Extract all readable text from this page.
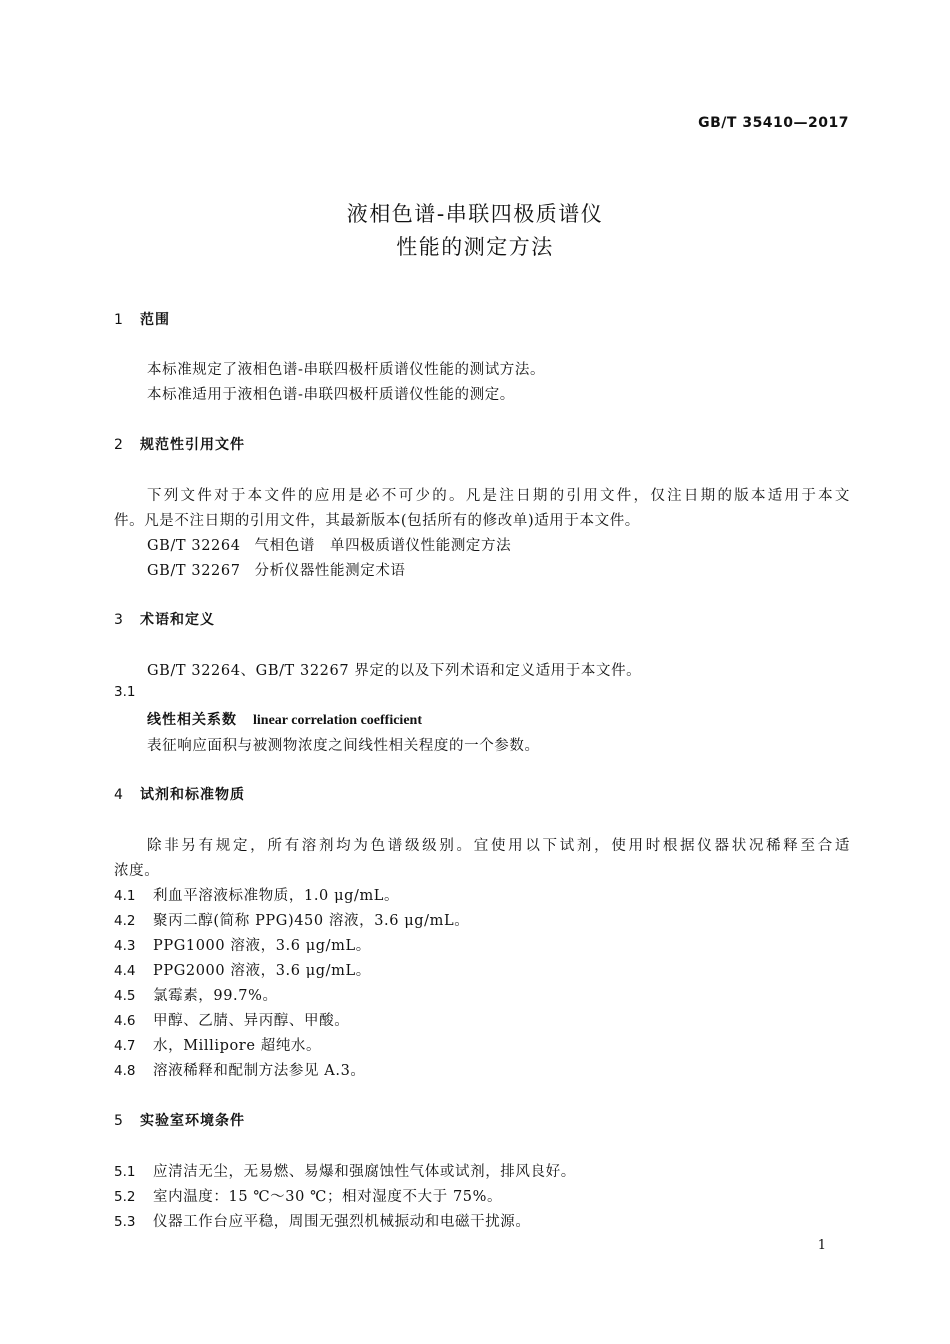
GB/T 35410—2017
液相色谱-串联四极质谱仪
性能的测定方法
1 范围
本标准规定了液相色谱-串联四极杆质谱仪性能的测试方法。
本标准适用于液相色谱-串联四极杆质谱仪性能的测定。
2 规范性引用文件
下列文件对于本文件的应用是必不可少的。凡是注日期的引用文件，仅注日期的版本适用于本文
件。凡是不注日期的引用文件，其最新版本(包括所有的修改单)适用于本文件。
GB/T 32264 气相色谱　单四极质谱仪性能测定方法
GB/T 32267 分析仪器性能测定术语
3 术语和定义
GB/T 32264、GB/T 32267 界定的以及下列术语和定义适用于本文件。
3.1
线性相关系数 linear correlation coefficient
表征响应面积与被测物浓度之间线性相关程度的一个参数。
4 试剂和标准物质
除非另有规定，所有溶剂均为色谱级级别。宜使用以下试剂，使用时根据仪器状况稀释至合适
浓度。
4.1 利血平溶液标准物质，1.0 μg/mL。
4.2 聚丙二醇(简称 PPG)450 溶液，3.6 μg/mL。
4.3 PPG1000 溶液，3.6 μg/mL。
4.4 PPG2000 溶液，3.6 μg/mL。
4.5 氯霉素，99.7%。
4.6 甲醇、乙腈、异丙醇、甲酸。
4.7 水，Millipore 超纯水。
4.8 溶液稀释和配制方法参见 A.3。
5 实验室环境条件
5.1 应清洁无尘，无易燃、易爆和强腐蚀性气体或试剂，排风良好。
5.2 室内温度：15 ℃～30 ℃；相对湿度不大于 75%。
5.3 仪器工作台应平稳，周围无强烈机械振动和电磁干扰源。
1
